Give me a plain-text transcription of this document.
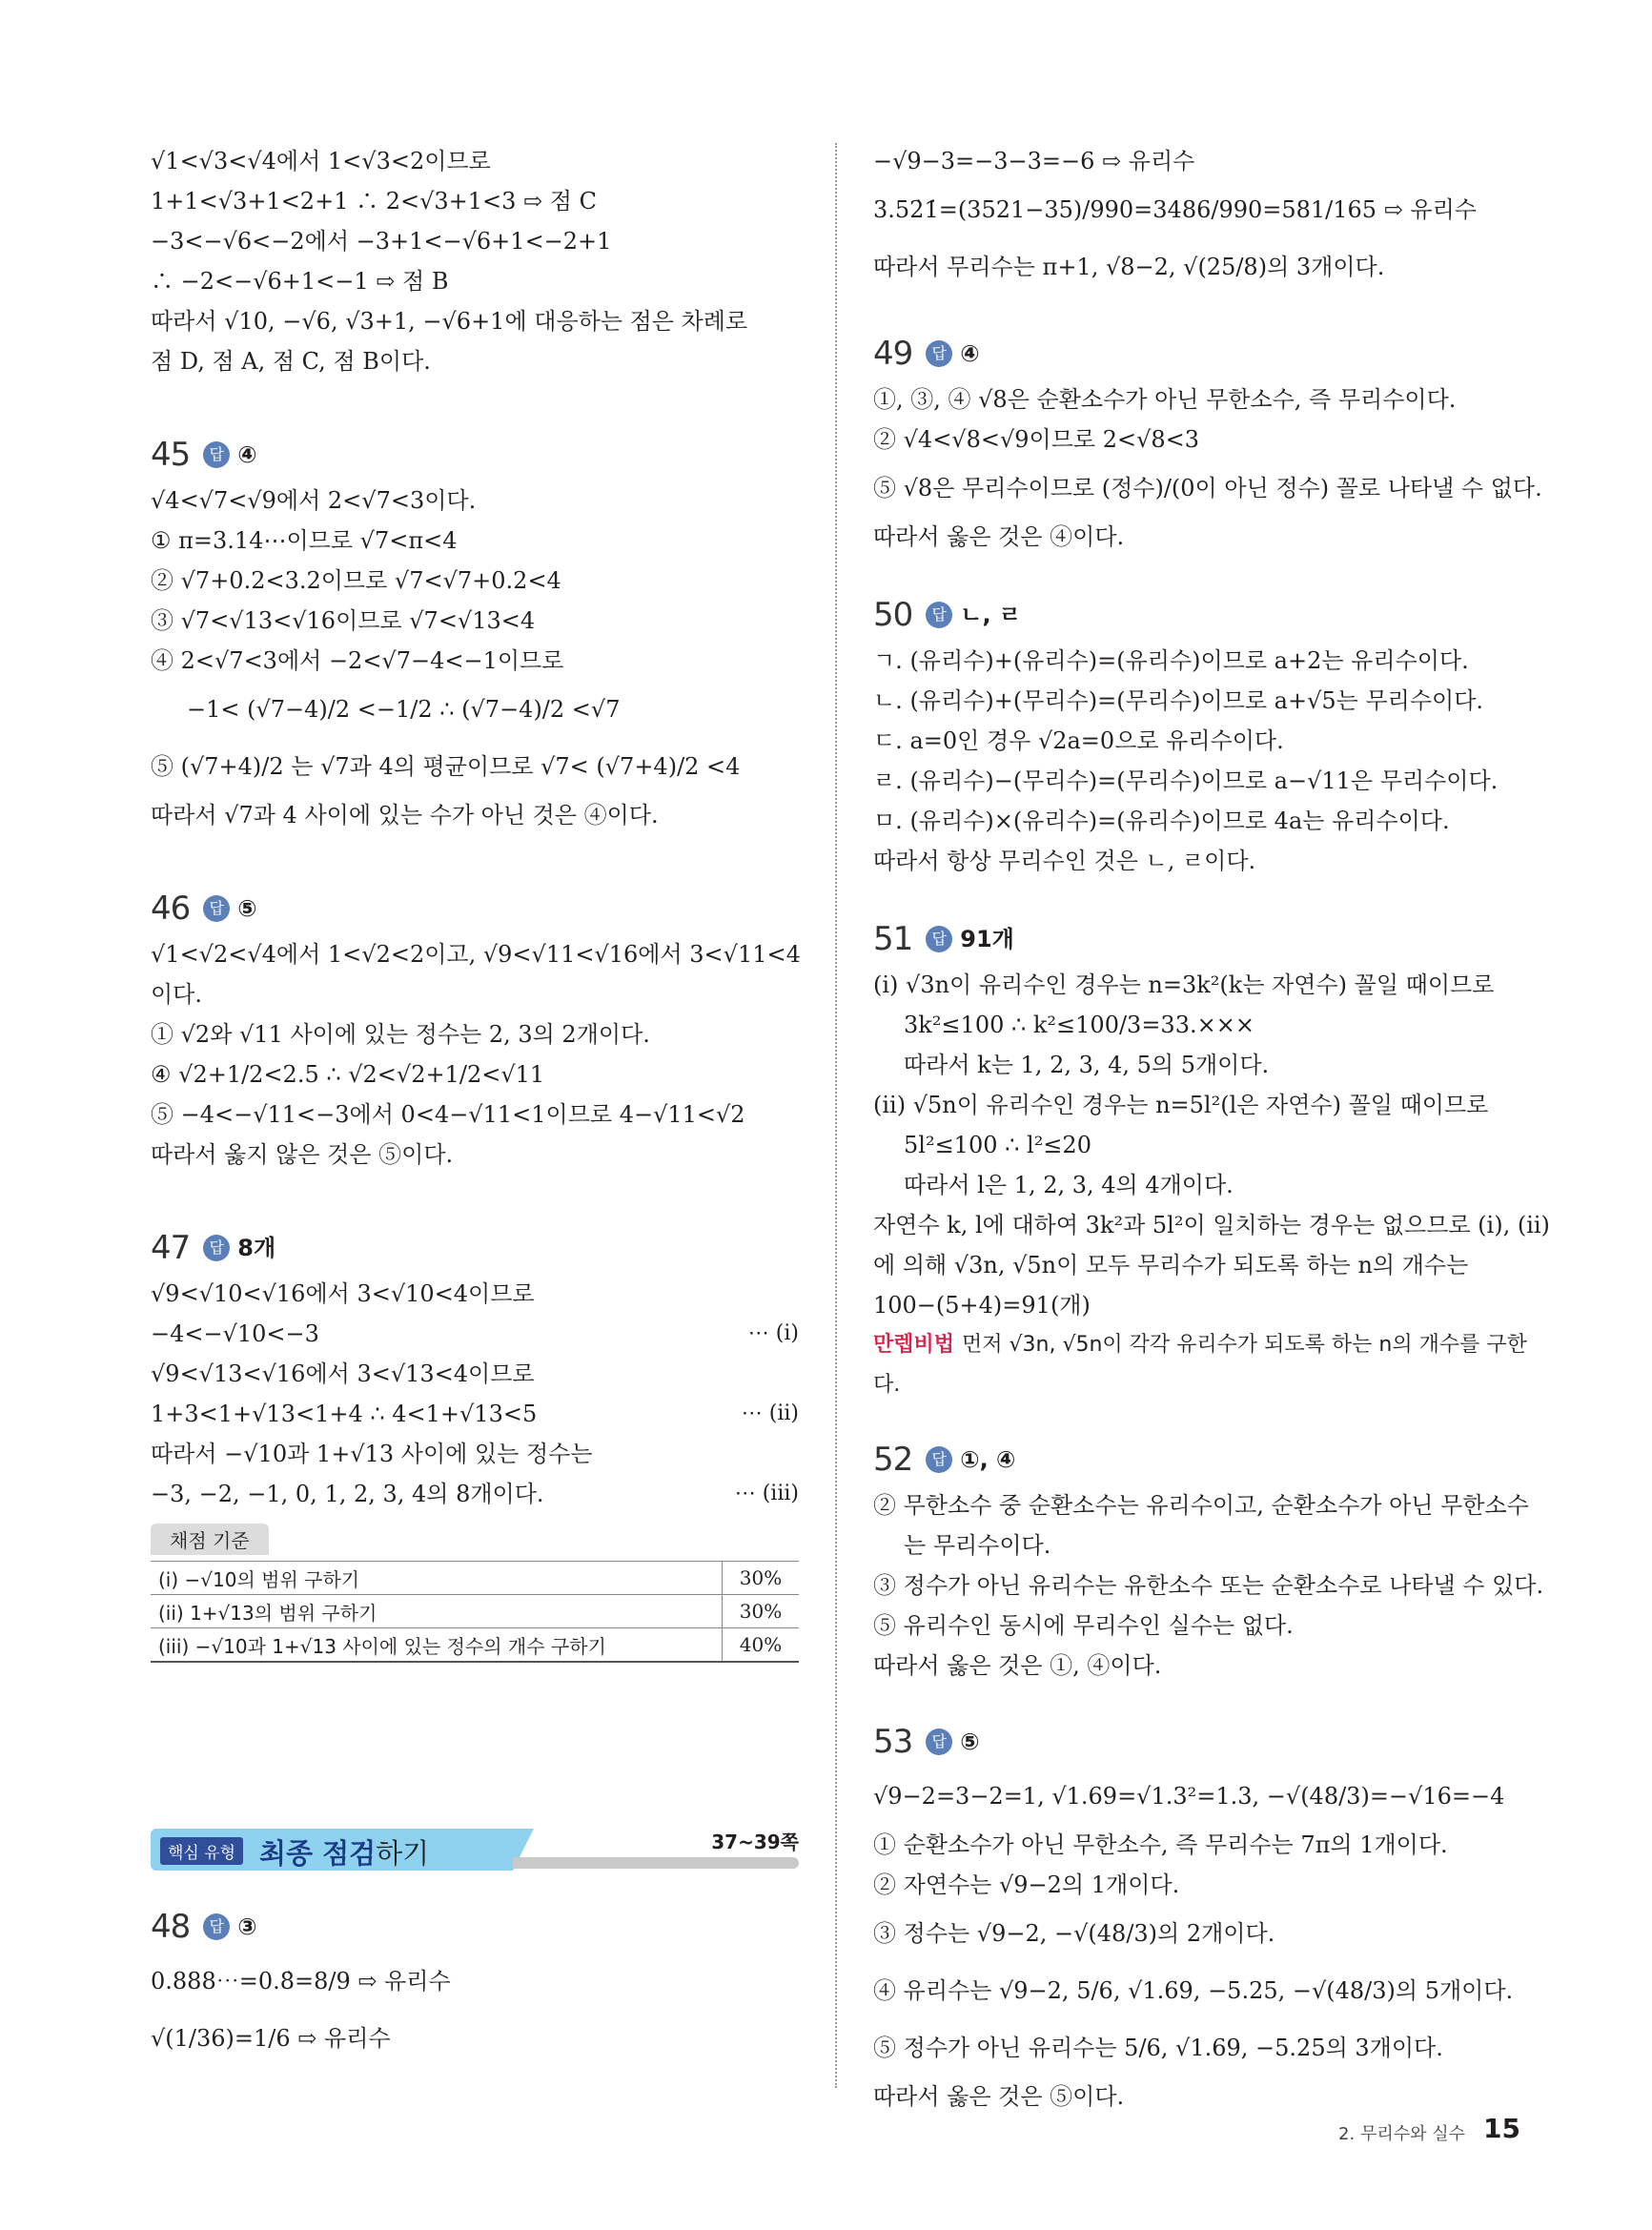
√1<√3<√4에서 1<√3<2이므로
1+1<√3+1<2+1 ∴ 2<√3+1<3 ⇨ 점 C
−3<−√6<−2에서 −3+1<−√6+1<−2+1
∴ −2<−√6+1<−1 ⇨ 점 B
따라서 √10, −√6, √3+1, −√6+1에 대응하는 점은 차례로
점 D, 점 A, 점 C, 점 B이다.
45	답 ④
√4<√7<√9에서 2<√7<3이다.
① π=3.14⋯이므로 √7<π<4
② √7+0.2<3.2이므로 √7<√7+0.2<4
③ √7<√13<√16이므로 √7<√13<4
④ 2<√7<3에서 −2<√7−4<−1이므로
−1< (√7−4)/2 <−1/2 ∴ (√7−4)/2 <√7
⑤ (√7+4)/2 는 √7과 4의 평균이므로 √7< (√7+4)/2 <4
따라서 √7과 4 사이에 있는 수가 아닌 것은 ④이다.
46	답 ⑤
√1<√2<√4에서 1<√2<2이고, √9<√11<√16에서 3<√11<4
이다.
① √2와 √11 사이에 있는 정수는 2, 3의 2개이다.
④ √2+1/2<2.5 ∴ √2<√2+1/2<√11
⑤ −4<−√11<−3에서 0<4−√11<1이므로 4−√11<√2
따라서 옳지 않은 것은 ⑤이다.
47	답 8개
√9<√10<√16에서 3<√10<4이므로
−4<−√10<−3	⋯ (i)
√9<√13<√16에서 3<√13<4이므로
1+3<1+√13<1+4 ∴ 4<1+√13<5	⋯ (ii)
따라서 −√10과 1+√13 사이에 있는 정수는
−3, −2, −1, 0, 1, 2, 3, 4의 8개이다.	⋯ (iii)
채점 기준
(i) −√10의 범위 구하기	30%
(ii) 1+√13의 범위 구하기	30%
(iii) −√10과 1+√13 사이에 있는 정수의 개수 구하기	40%
핵심 유형 최종 점검하기	37~39쪽
48	답 ③
0.888⋯=0.8̇=8/9 ⇨ 유리수
√(1/36)=1/6 ⇨ 유리수
−√9−3=−3−3=−6 ⇨ 유리수
3.52̇1̇=(3521−35)/990=3486/990=581/165 ⇨ 유리수
따라서 무리수는 π+1, √8−2, √(25/8)의 3개이다.
49	답 ④
①, ③, ④ √8은 순환소수가 아닌 무한소수, 즉 무리수이다.
② √4<√8<√9이므로 2<√8<3
⑤ √8은 무리수이므로 (정수)/(0이 아닌 정수) 꼴로 나타낼 수 없다.
따라서 옳은 것은 ④이다.
50	답 ㄴ, ㄹ
ㄱ. (유리수)+(유리수)=(유리수)이므로 a+2는 유리수이다.
ㄴ. (유리수)+(무리수)=(무리수)이므로 a+√5는 무리수이다.
ㄷ. a=0인 경우 √2a=0으로 유리수이다.
ㄹ. (유리수)−(무리수)=(무리수)이므로 a−√11은 무리수이다.
ㅁ. (유리수)×(유리수)=(유리수)이므로 4a는 유리수이다.
따라서 항상 무리수인 것은 ㄴ, ㄹ이다.
51	답 91개
(i) √3n이 유리수인 경우는 n=3k²(k는 자연수) 꼴일 때이므로
3k²≤100 ∴ k²≤100/3=33.×××
따라서 k는 1, 2, 3, 4, 5의 5개이다.
(ii) √5n이 유리수인 경우는 n=5l²(l은 자연수) 꼴일 때이므로
5l²≤100 ∴ l²≤20
따라서 l은 1, 2, 3, 4의 4개이다.
자연수 k, l에 대하여 3k²과 5l²이 일치하는 경우는 없으므로 (i), (ii)
에 의해 √3n, √5n이 모두 무리수가 되도록 하는 n의 개수는
100−(5+4)=91(개)
만렙비법 먼저 √3n, √5n이 각각 유리수가 되도록 하는 n의 개수를 구한다.
52	답 ①, ④
② 무한소수 중 순환소수는 유리수이고, 순환소수가 아닌 무한소수
는 무리수이다.
③ 정수가 아닌 유리수는 유한소수 또는 순환소수로 나타낼 수 있다.
⑤ 유리수인 동시에 무리수인 실수는 없다.
따라서 옳은 것은 ①, ④이다.
53	답 ⑤
√9−2=3−2=1, √1.69=√1.3²=1.3, −√(48/3)=−√16=−4
① 순환소수가 아닌 무한소수, 즉 무리수는 7π의 1개이다.
② 자연수는 √9−2의 1개이다.
③ 정수는 √9−2, −√(48/3)의 2개이다.
④ 유리수는 √9−2, 5/6, √1.69, −5.25, −√(48/3)의 5개이다.
⑤ 정수가 아닌 유리수는 5/6, √1.69, −5.25의 3개이다.
따라서 옳은 것은 ⑤이다.
2. 무리수와 실수 15
